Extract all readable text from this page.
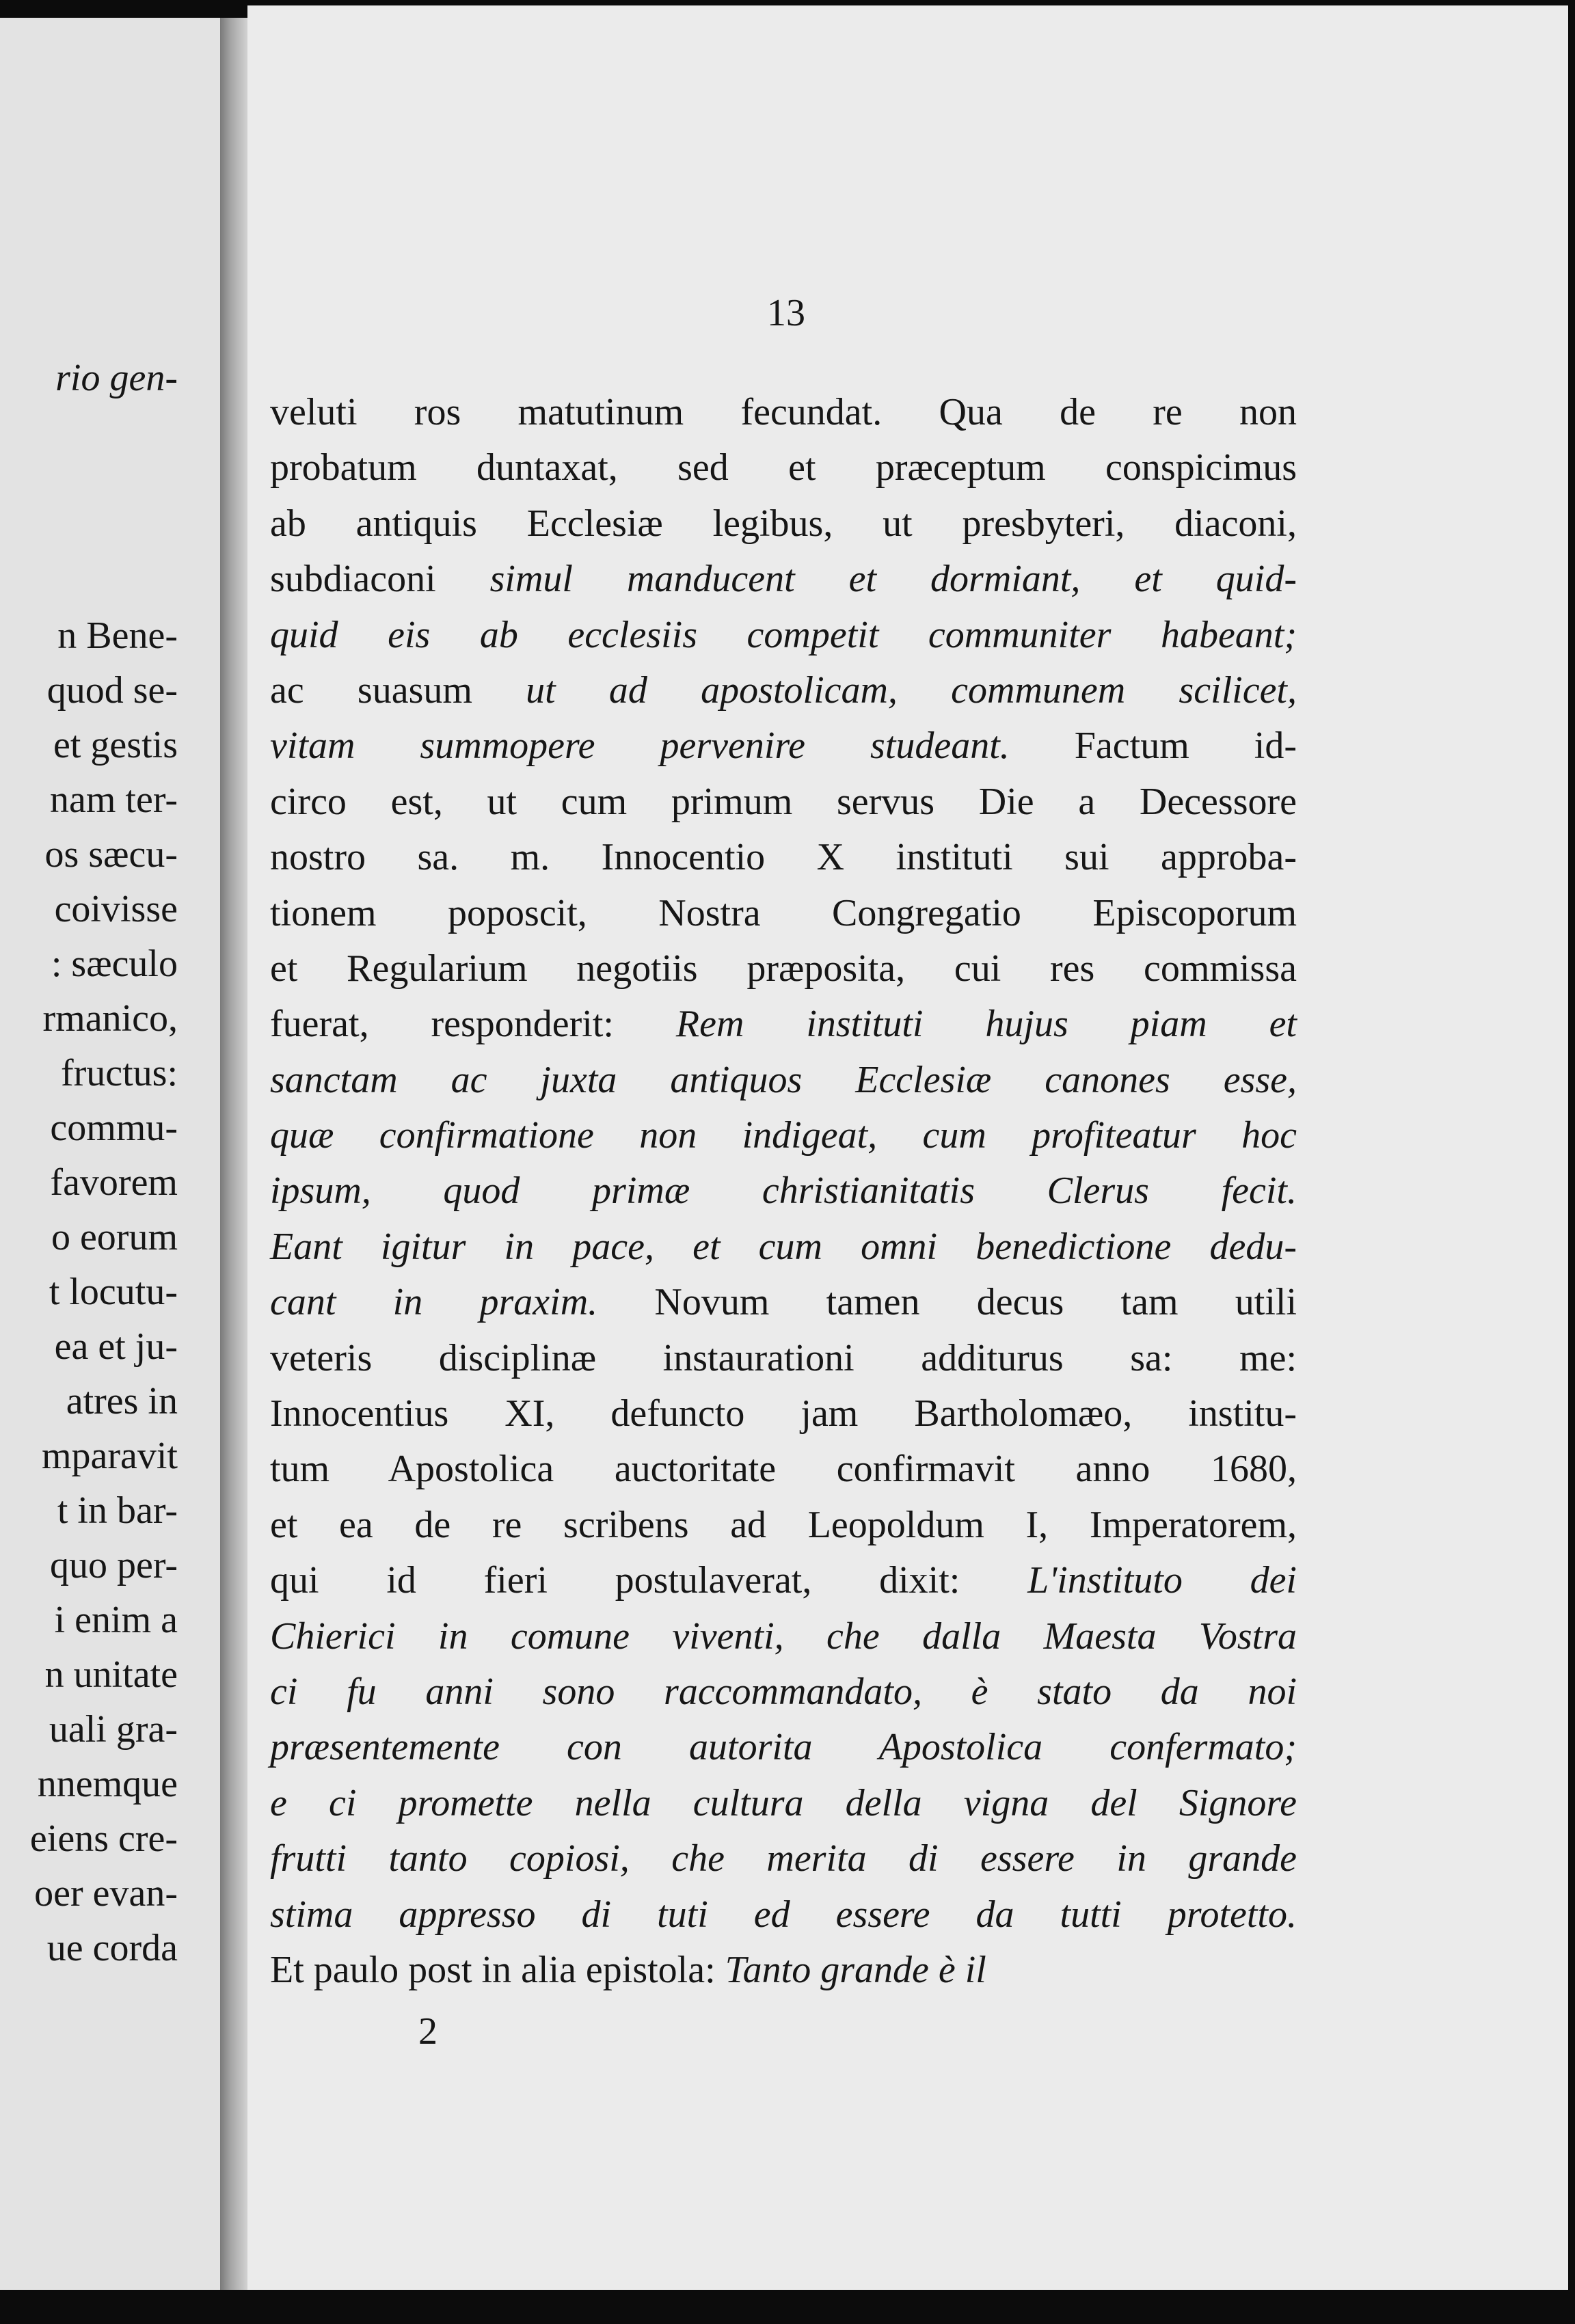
rio gen-
n Bene-
quod se-
et gestis
nam ter-
os sæcu-
coivisse
: sæculo
rmanico,
fructus:
commu-
favorem
o eorum
t locutu-
ea et ju-
atres in
mparavit
t in bar-
quo per-
i enim a
n unitate
uali gra-
nnemque
eiens cre-
oer evan-
ue corda
13
veluti ros matutinum fecundat. Qua de re non
probatum duntaxat, sed et præceptum conspicimus
ab antiquis Ecclesiæ legibus, ut presbyteri, diaconi,
subdiaconi simul manducent et dormiant, et quid-
quid eis ab ecclesiis competit communiter habeant;
ac suasum ut ad apostolicam, communem scilicet,
vitam summopere pervenire studeant. Factum id-
circo est, ut cum primum servus Die a Decessore
nostro sa. m. Innocentio X instituti sui approba-
tionem poposcit, Nostra Congregatio Episcoporum
et Regularium negotiis præposita, cui res commissa
fuerat, responderit: Rem instituti hujus piam et
sanctam ac juxta antiquos Ecclesiæ canones esse,
quæ confirmatione non indigeat, cum profiteatur hoc
ipsum, quod primæ christianitatis Clerus fecit.
Eant igitur in pace, et cum omni benedictione dedu-
cant in praxim. Novum tamen decus tam utili
veteris disciplinæ instaurationi additurus sa: me:
Innocentius XI, defuncto jam Bartholomæo, institu-
tum Apostolica auctoritate confirmavit anno 1680,
et ea de re scribens ad Leopoldum I, Imperatorem,
qui id fieri postulaverat, dixit: L'instituto dei
Chierici in comune viventi, che dalla Maesta Vostra
ci fu anni sono raccommandato, è stato da noi
præsentemente con autorita Apostolica confermato;
e ci promette nella cultura della vigna del Signore
frutti tanto copiosi, che merita di essere in grande
stima appresso di tuti ed essere da tutti protetto.
Et paulo post in alia epistola: Tanto grande è il
2
